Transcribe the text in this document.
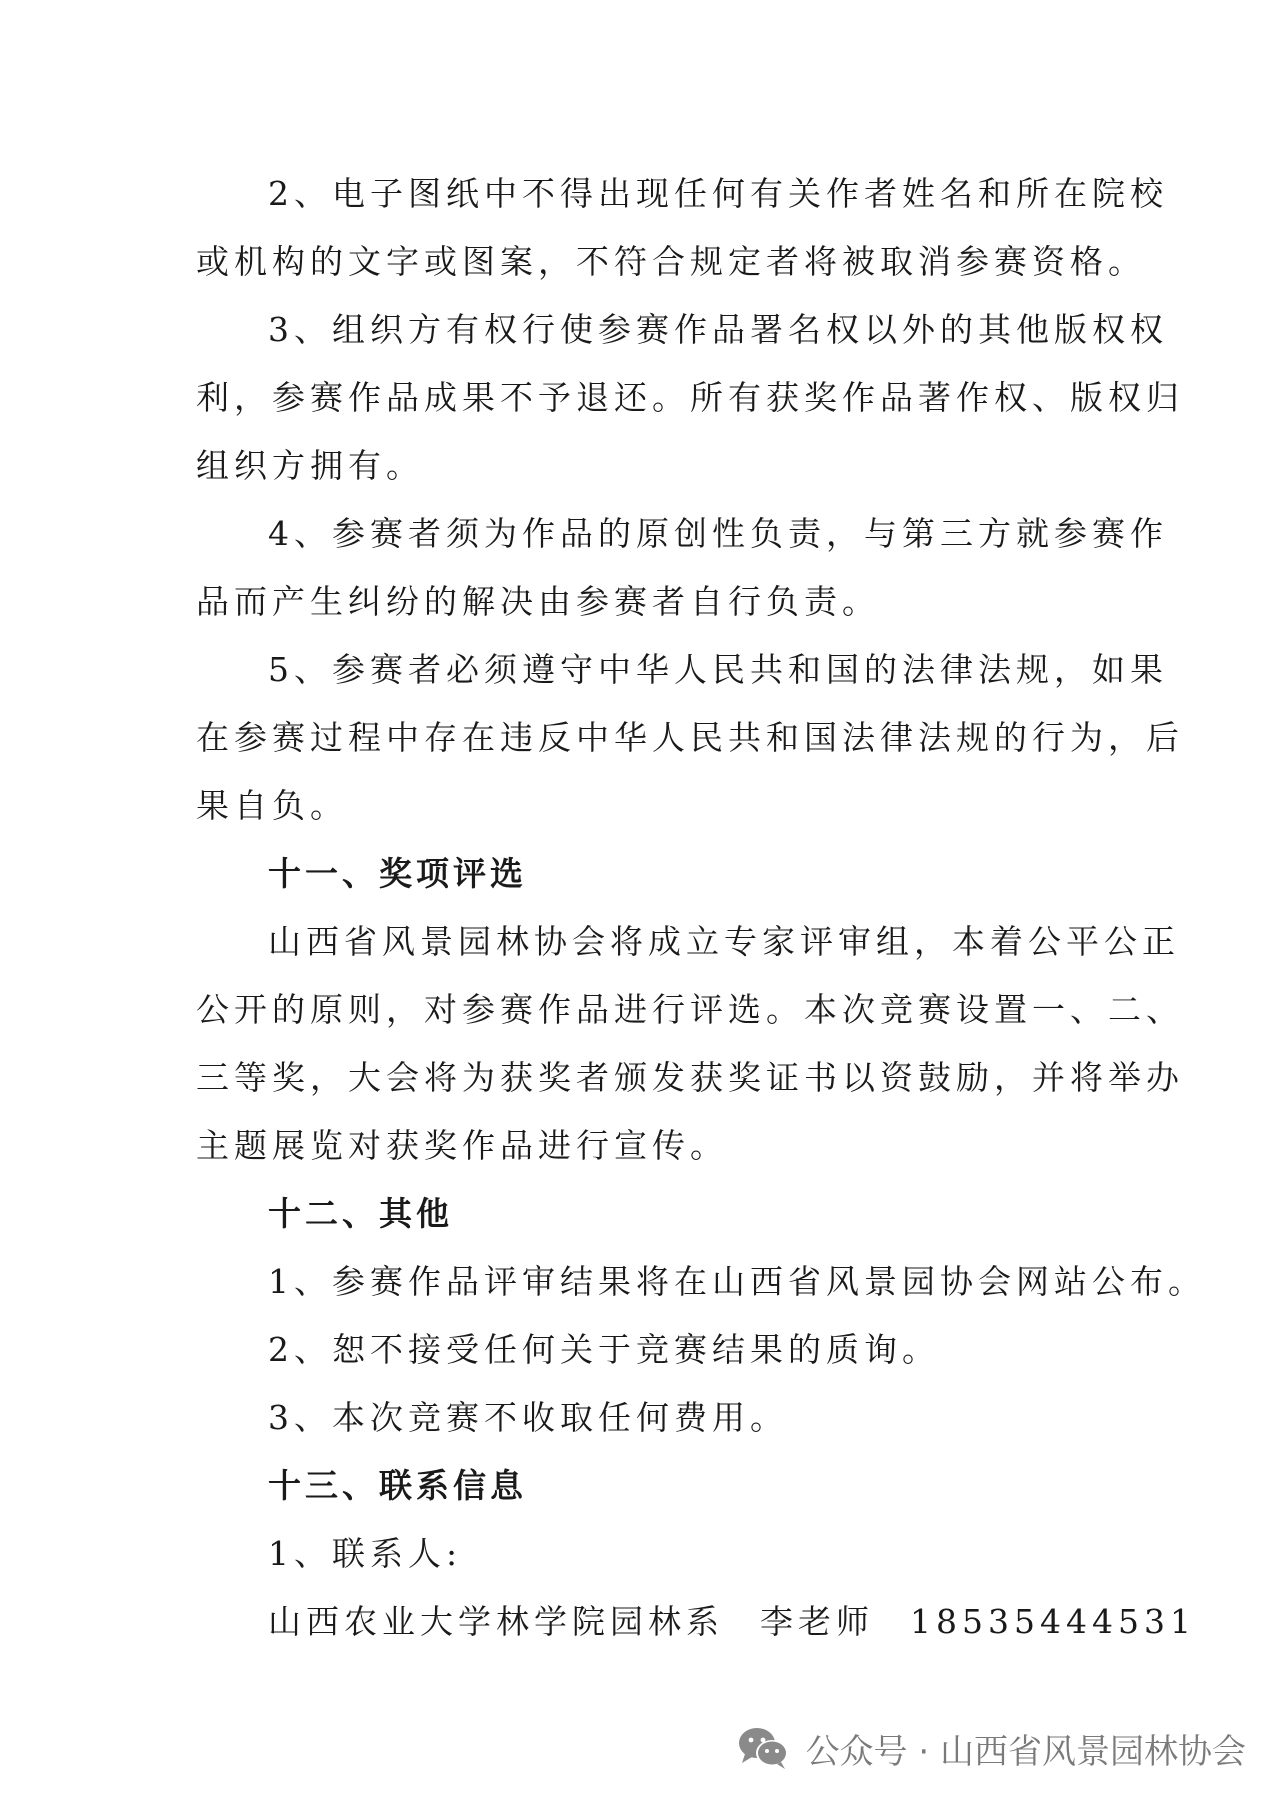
2、电子图纸中不得出现任何有关作者姓名和所在院校
或机构的文字或图案，不符合规定者将被取消参赛资格。
3、组织方有权行使参赛作品署名权以外的其他版权权
利，参赛作品成果不予退还。所有获奖作品著作权、版权归
组织方拥有。
4、参赛者须为作品的原创性负责，与第三方就参赛作
品而产生纠纷的解决由参赛者自行负责。
5、参赛者必须遵守中华人民共和国的法律法规，如果
在参赛过程中存在违反中华人民共和国法律法规的行为，后
果自负。
十一、奖项评选
山西省风景园林协会将成立专家评审组，本着公平公正
公开的原则，对参赛作品进行评选。本次竞赛设置一、二、
三等奖，大会将为获奖者颁发获奖证书以资鼓励，并将举办
主题展览对获奖作品进行宣传。
十二、其他
1、参赛作品评审结果将在山西省风景园协会网站公布。
2、恕不接受任何关于竞赛结果的质询。
3、本次竞赛不收取任何费用。
十三、联系信息
1、联系人:
山西农业大学林学院园林系 李老师 18535444531
公众号 · 山西省风景园林协会
